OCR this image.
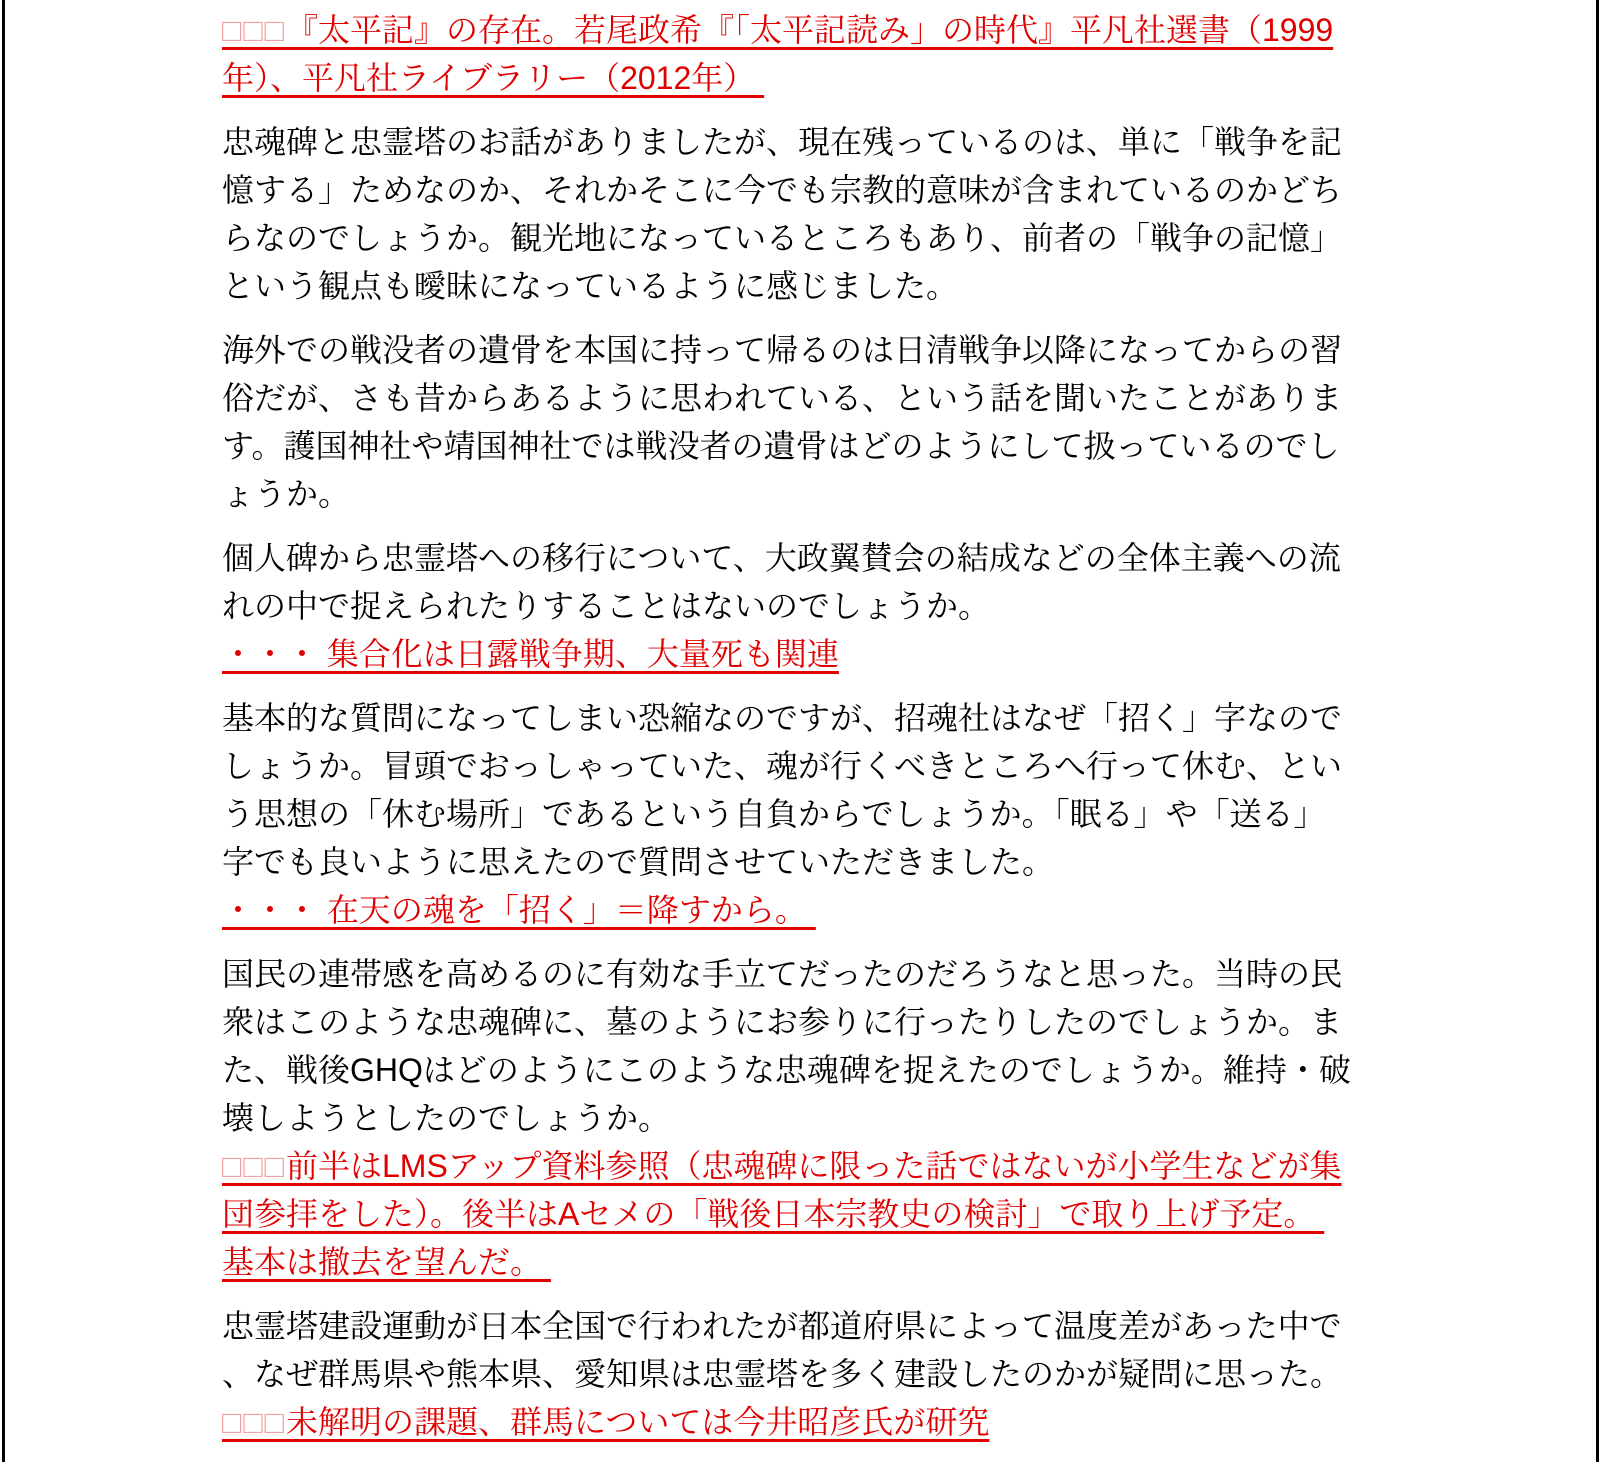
□□□『太平記』の存在。若尾政希『「太平記読み」の時代』平凡社選書（1999年）、平凡社ライブラリー（2012年）

忠魂碑と忠霊塔のお話がありましたが、現在残っているのは、単に「戦争を記憶する」ためなのか、それかそこに今でも宗教的意味が含まれているのかどちらなのでしょうか。観光地になっているところもあり、前者の「戦争の記憶」という観点も曖昧になっているように感じました。

海外での戦没者の遺骨を本国に持って帰るのは日清戦争以降になってからの習俗だが、さも昔からあるように思われている、という話を聞いたことがあります。護国神社や靖国神社では戦没者の遺骨はどのようにして扱っているのでしょうか。

個人碑から忠霊塔への移行について、大政翼賛会の結成などの全体主義への流れの中で捉えられたりすることはないのでしょうか。
・・・ 集合化は日露戦争期、大量死も関連

基本的な質問になってしまい恐縮なのですが、招魂社はなぜ「招く」字なのでしょうか。冒頭でおっしゃっていた、魂が行くべきところへ行って休む、という思想の「休む場所」であるという自負からでしょうか。「眠る」や「送る」字でも良いように思えたので質問させていただきました。
・・・ 在天の魂を「招く」＝降すから。

国民の連帯感を高めるのに有効な手立てだったのだろうなと思った。当時の民衆はこのような忠魂碑に、墓のようにお参りに行ったりしたのでしょうか。また、戦後GHQはどのようにこのような忠魂碑を捉えたのでしょうか。維持・破壊しようとしたのでしょうか。
□□□前半はLMSアップ資料参照（忠魂碑に限った話ではないが小学生などが集団参拝をした）。後半はAセメの「戦後日本宗教史の検討」で取り上げ予定。 基本は撤去を望んだ。

忠霊塔建設運動が日本全国で行われたが都道府県によって温度差があった中で、なぜ群馬県や熊本県、愛知県は忠霊塔を多く建設したのかが疑問に思った。
□□□未解明の課題、群馬については今井昭彦氏が研究
